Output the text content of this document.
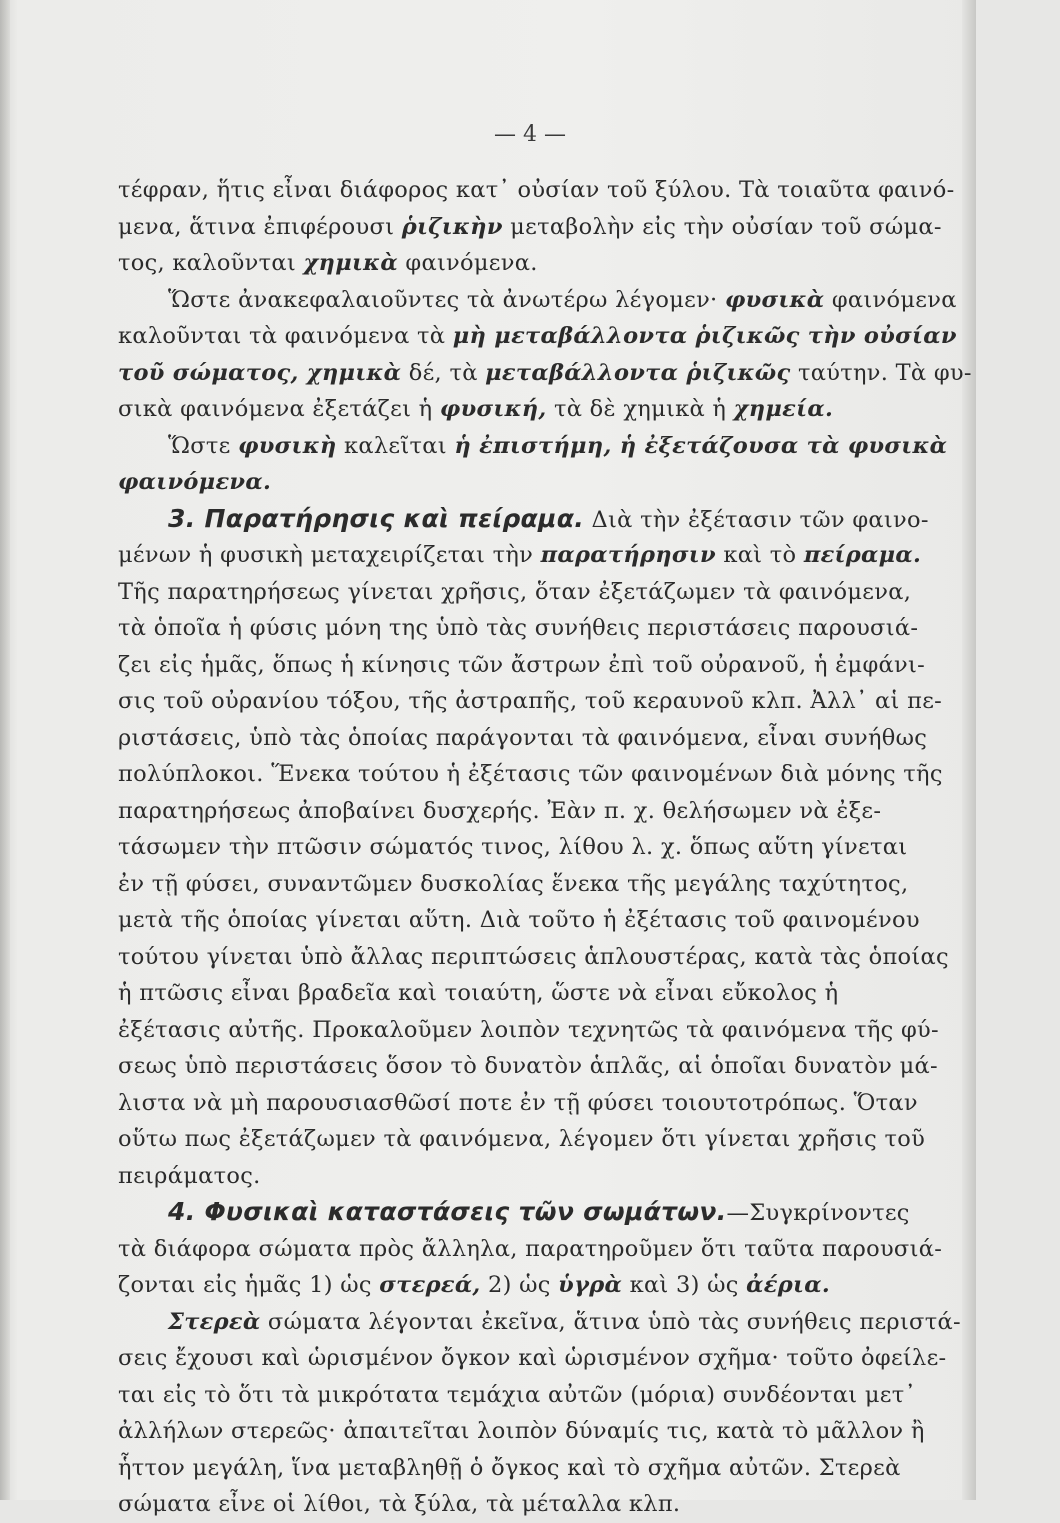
— 4 —
τέφραν, ἥτις εἶναι διάφορος κατ᾽ οὐσίαν τοῦ ξύλου. Τὰ τοιαῦτα φαινό-
μενα, ἅτινα ἐπιφέρουσι ῥιζικὴν μεταβολὴν εἰς τὴν οὐσίαν τοῦ σώμα-
τος, καλοῦνται χημικὰ φαινόμενα.
Ὥστε ἀνακεφαλαιοῦντες τὰ ἀνωτέρω λέγομεν· φυσικὰ φαινόμενα
καλοῦνται τὰ φαινόμενα τὰ μὴ μεταβάλλοντα ῥιζικῶς τὴν οὐσίαν
τοῦ σώματος, χημικὰ δέ, τὰ μεταβάλλοντα ῥιζικῶς ταύτην. Τὰ φυ-
σικὰ φαινόμενα ἐξετάζει ἡ φυσική, τὰ δὲ χημικὰ ἡ χημεία.
Ὥστε φυσικὴ καλεῖται ἡ ἐπιστήμη, ἡ ἐξετάζουσα τὰ φυσικὰ
φαινόμενα.
3. Παρατήρησις καὶ πείραμα. Διὰ τὴν ἐξέτασιν τῶν φαινο-
μένων ἡ φυσικὴ μεταχειρίζεται τὴν παρατήρησιν καὶ τὸ πείραμα.
Τῆς παρατηρήσεως γίνεται χρῆσις, ὅταν ἐξετάζωμεν τὰ φαινόμενα,
τὰ ὁποῖα ἡ φύσις μόνη της ὑπὸ τὰς συνήθεις περιστάσεις παρουσιά-
ζει εἰς ἡμᾶς, ὅπως ἡ κίνησις τῶν ἄστρων ἐπὶ τοῦ οὐρανοῦ, ἡ ἐμφάνι-
σις τοῦ οὐρανίου τόξου, τῆς ἀστραπῆς, τοῦ κεραυνοῦ κλπ. Ἀλλ᾽ αἱ πε-
ριστάσεις, ὑπὸ τὰς ὁποίας παράγονται τὰ φαινόμενα, εἶναι συνήθως
πολύπλοκοι. Ἕνεκα τούτου ἡ ἐξέτασις τῶν φαινομένων διὰ μόνης τῆς
παρατηρήσεως ἀποβαίνει δυσχερής. Ἐὰν π. χ. θελήσωμεν νὰ ἐξε-
τάσωμεν τὴν πτῶσιν σώματός τινος, λίθου λ. χ. ὅπως αὕτη γίνεται
ἐν τῇ φύσει, συναντῶμεν δυσκολίας ἕνεκα τῆς μεγάλης ταχύτητος,
μετὰ τῆς ὁποίας γίνεται αὕτη. Διὰ τοῦτο ἡ ἐξέτασις τοῦ φαινομένου
τούτου γίνεται ὑπὸ ἄλλας περιπτώσεις ἁπλουστέρας, κατὰ τὰς ὁποίας
ἡ πτῶσις εἶναι βραδεῖα καὶ τοιαύτη, ὥστε νὰ εἶναι εὔκολος ἡ
ἐξέτασις αὐτῆς. Προκαλοῦμεν λοιπὸν τεχνητῶς τὰ φαινόμενα τῆς φύ-
σεως ὑπὸ περιστάσεις ὅσον τὸ δυνατὸν ἁπλᾶς, αἱ ὁποῖαι δυνατὸν μά-
λιστα νὰ μὴ παρουσιασθῶσί ποτε ἐν τῇ φύσει τοιουτοτρόπως. Ὅταν
οὕτω πως ἐξετάζωμεν τὰ φαινόμενα, λέγομεν ὅτι γίνεται χρῆσις τοῦ
πειράματος.
4. Φυσικαὶ καταστάσεις τῶν σωμάτων.—Συγκρίνοντες
τὰ διάφορα σώματα πρὸς ἄλληλα, παρατηροῦμεν ὅτι ταῦτα παρουσιά-
ζονται εἰς ἡμᾶς 1) ὡς στερεά, 2) ὡς ὑγρὰ καὶ 3) ὡς ἀέρια.
Στερεὰ σώματα λέγονται ἐκεῖνα, ἅτινα ὑπὸ τὰς συνήθεις περιστά-
σεις ἔχουσι καὶ ὡρισμένον ὄγκον καὶ ὡρισμένον σχῆμα· τοῦτο ὀφείλε-
ται εἰς τὸ ὅτι τὰ μικρότατα τεμάχια αὐτῶν (μόρια) συνδέονται μετ᾽
ἀλλήλων στερεῶς· ἀπαιτεῖται λοιπὸν δύναμίς τις, κατὰ τὸ μᾶλλον ἢ
ἧττον μεγάλη, ἵνα μεταβληθῇ ὁ ὄγκος καὶ τὸ σχῆμα αὐτῶν. Στερεὰ
σώματα εἶνε οἱ λίθοι, τὰ ξύλα, τὰ μέταλλα κλπ.
